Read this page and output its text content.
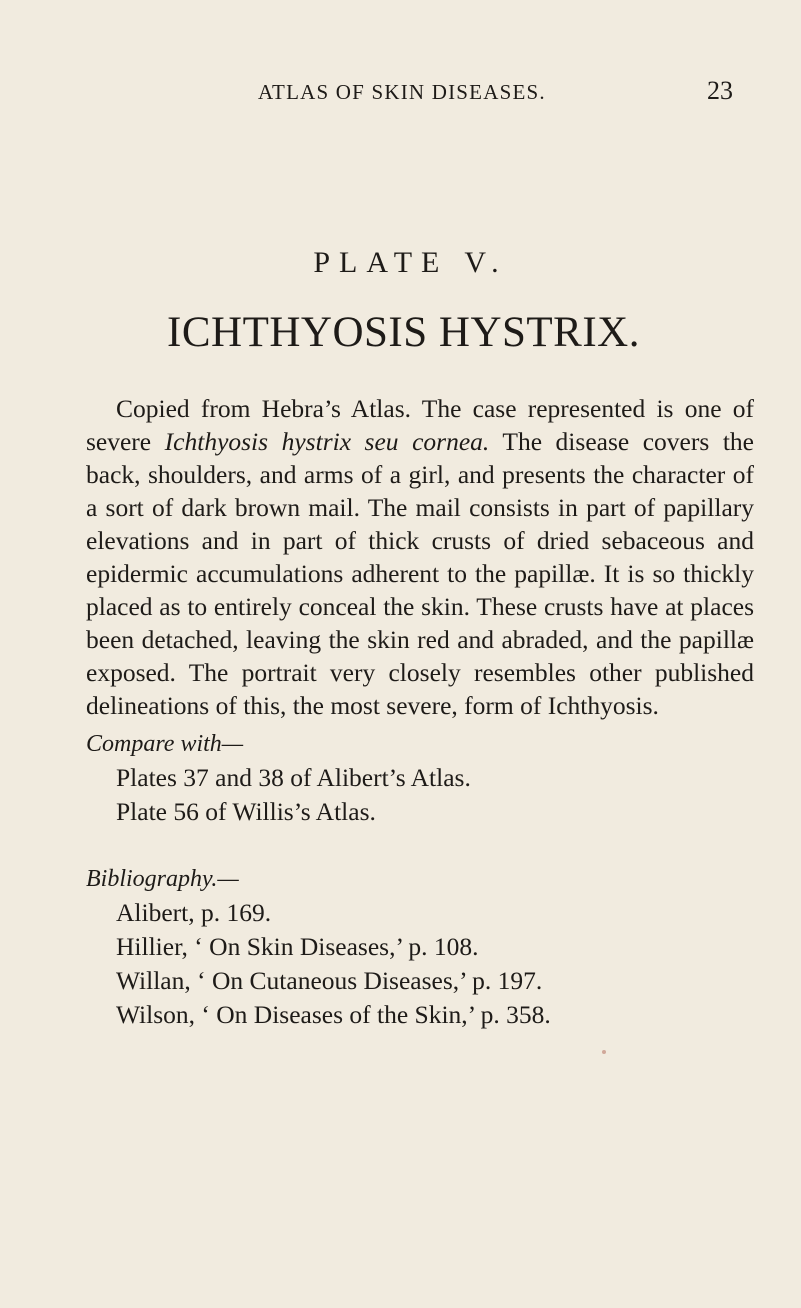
ATLAS OF SKIN DISEASES.	23
PLATE V.
ICHTHYOSIS HYSTRIX.

Copied from Hebra’s Atlas. The case represented is one of severe Ichthyosis hystrix seu cornea. The disease covers the back, shoulders, and arms of a girl, and presents the character of a sort of dark brown mail. The mail consists in part of papillary elevations and in part of thick crusts of dried sebaceous and epidermic accumulations adherent to the papillæ. It is so thickly placed as to entirely conceal the skin. These crusts have at places been detached, leaving the skin red and abraded, and the papillæ exposed. The portrait very closely resembles other published delineations of this, the most severe, form of Ichthyosis.

Compare with—
Plates 37 and 38 of Alibert’s Atlas.
Plate 56 of Willis’s Atlas.
Bibliography.—
Alibert, p. 169.
Hillier, ‘ On Skin Diseases,’ p. 108.
Willan, ‘ On Cutaneous Diseases,’ p. 197.
Wilson, ‘ On Diseases of the Skin,’ p. 358.
